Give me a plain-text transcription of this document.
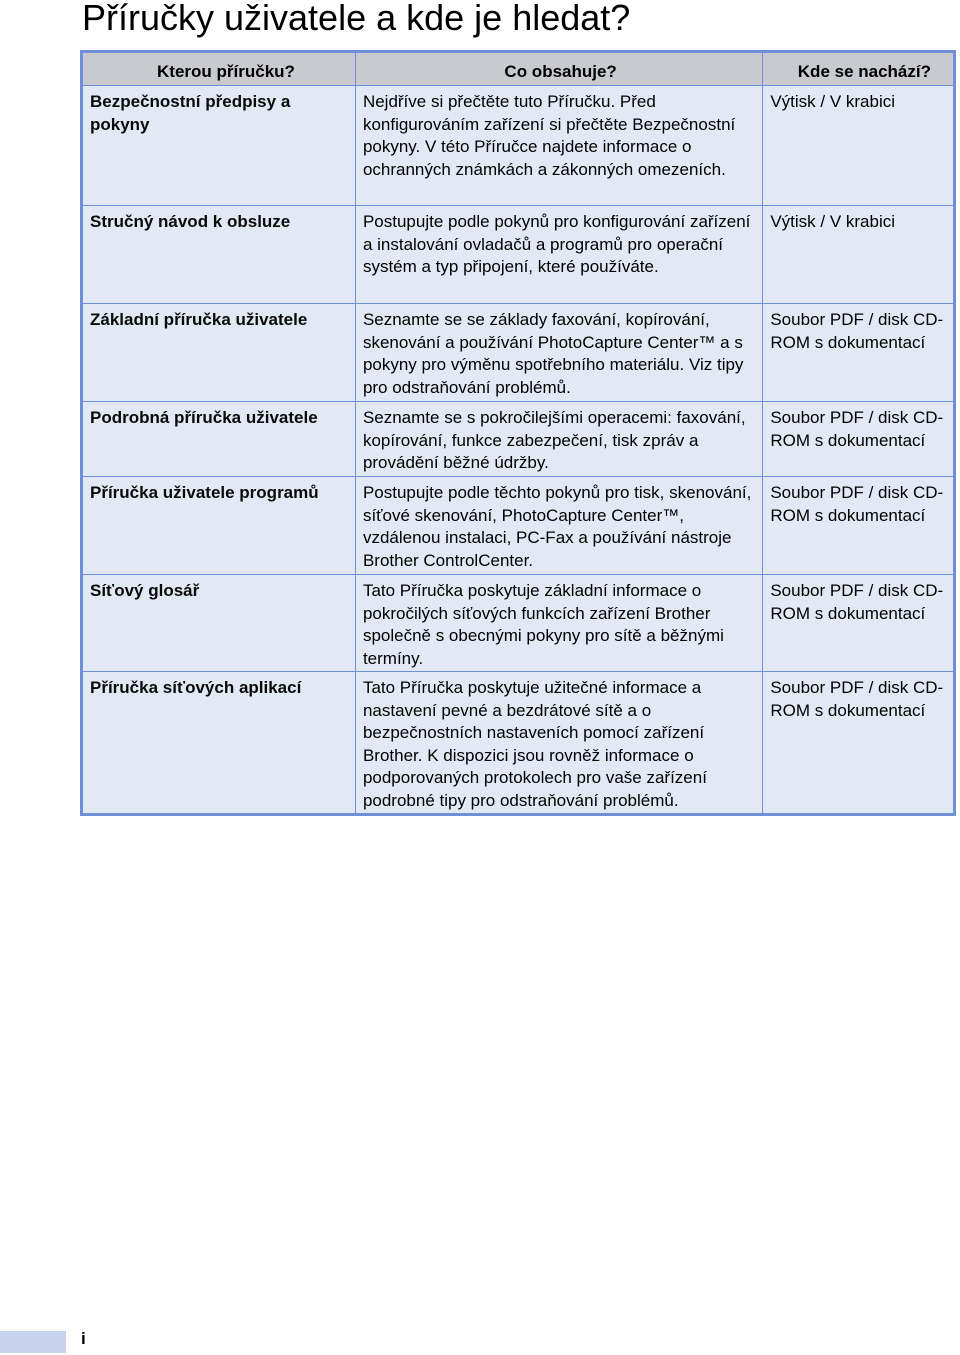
Příručky uživatele a kde je hledat?
Kterou příručku?	Co obsahuje?	Kde se nachází?
Bezpečnostní předpisy a pokyny	Nejdříve si přečtěte tuto Příručku. Před konfigurováním zařízení si přečtěte Bezpečnostní pokyny. V této Příručce najdete informace o ochranných známkách a zákonných omezeních.	Výtisk / V krabici
Stručný návod k obsluze	Postupujte podle pokynů pro konfigurování zařízení a instalování ovladačů a programů pro operační systém a typ připojení, které používáte.	Výtisk / V krabici
Základní příručka uživatele	Seznamte se se základy faxování, kopírování, skenování a používání PhotoCapture Center™ a s pokyny pro výměnu spotřebního materiálu. Viz tipy pro odstraňování problémů.	Soubor PDF / disk CD-ROM s dokumentací
Podrobná příručka uživatele	Seznamte se s pokročilejšími operacemi: faxování, kopírování, funkce zabezpečení, tisk zpráv a provádění běžné údržby.	Soubor PDF / disk CD-ROM s dokumentací
Příručka uživatele programů	Postupujte podle těchto pokynů pro tisk, skenování, síťové skenování, PhotoCapture Center™, vzdálenou instalaci, PC-Fax a používání nástroje Brother ControlCenter.	Soubor PDF / disk CD-ROM s dokumentací
Síťový glosář	Tato Příručka poskytuje základní informace o pokročilých síťových funkcích zařízení Brother společně s obecnými pokyny pro sítě a běžnými termíny.	Soubor PDF / disk CD-ROM s dokumentací
Příručka síťových aplikací	Tato Příručka poskytuje užitečné informace a nastavení pevné a bezdrátové sítě a o bezpečnostních nastaveních pomocí zařízení Brother. K dispozici jsou rovněž informace o podporovaných protokolech pro vaše zařízení podrobné tipy pro odstraňování problémů.	Soubor PDF / disk CD-ROM s dokumentací
i
